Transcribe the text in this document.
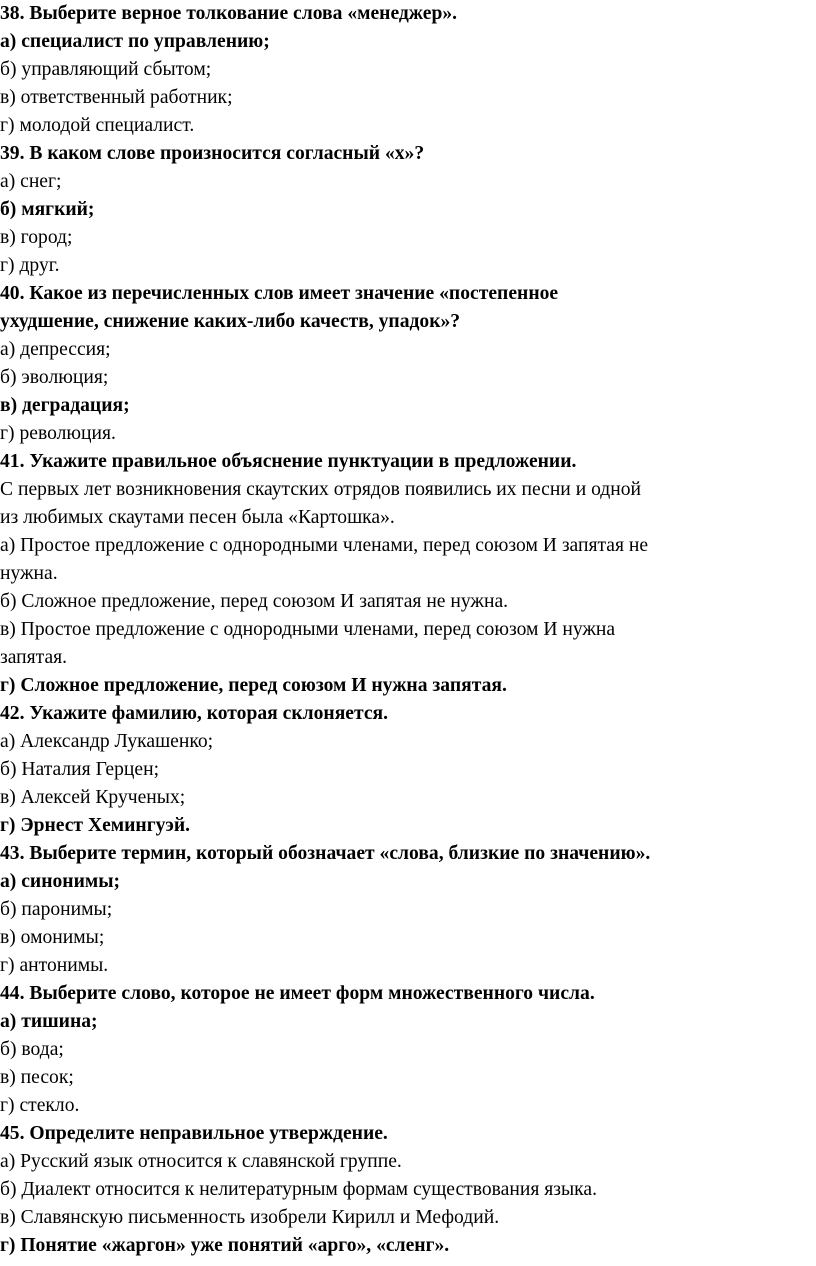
38. Выберите верное толкование слова «менеджер».
а) специалист по управлению;
б) управляющий сбытом;
в) ответственный работник;
г) молодой специалист.
39. В каком слове произносится согласный «х»?
а) снег;
б) мягкий;
в) город;
г) друг.
40. Какое из перечисленных слов имеет значение «постепенное
ухудшение, снижение каких-либо качеств, упадок»?
а) депрессия;
б) эволюция;
в) деградация;
г) революция.
41. Укажите правильное объяснение пунктуации в предложении.
С первых лет возникновения скаутских отрядов появились их песни и одной
из любимых скаутами песен была «Картошка».
а) Простое предложение с однородными членами, перед союзом И запятая не
нужна.
б) Сложное предложение, перед союзом И запятая не нужна.
в) Простое предложение с однородными членами, перед союзом И нужна
запятая.
г) Сложное предложение, перед союзом И нужна запятая.
42. Укажите фамилию, которая склоняется.
а) Александр Лукашенко;
б) Наталия Герцен;
в) Алексей Крученых;
г) Эрнест Хемингуэй.
43. Выберите термин, который обозначает «слова, близкие по значению».
а) синонимы;
б) паронимы;
в) омонимы;
г) антонимы.
44. Выберите слово, которое не имеет форм множественного числа.
а) тишина;
б) вода;
в) песок;
г) стекло.
45. Определите неправильное утверждение.
а) Русский язык относится к славянской группе.
б) Диалект относится к нелитературным формам существования языка.
в) Славянскую письменность изобрели Кирилл и Мефодий.
г) Понятие «жаргон» уже понятий «арго», «сленг».
